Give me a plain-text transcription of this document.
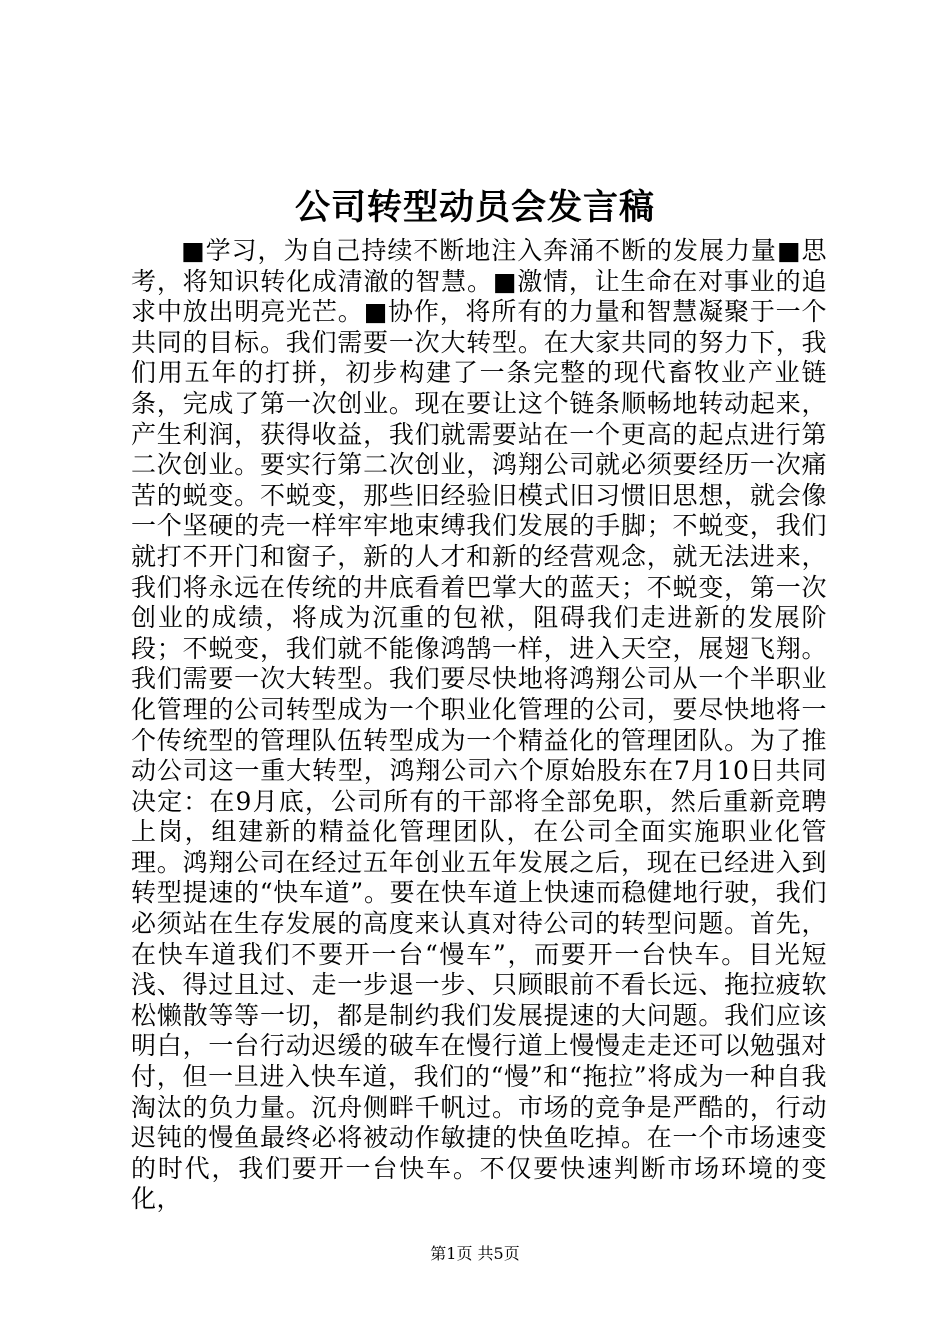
公司转型动员会发言稿

■学习，为自己持续不断地注入奔涌不断的发展力量■思考，将知识转化成清澈的智慧。■激情，让生命在对事业的追求中放出明亮光芒。■协作，将所有的力量和智慧凝聚于一个共同的目标。我们需要一次大转型。在大家共同的努力下，我们用五年的打拼，初步构建了一条完整的现代畜牧业产业链条，完成了第一次创业。现在要让这个链条顺畅地转动起来，产生利润，获得收益，我们就需要站在一个更高的起点进行第二次创业。要实行第二次创业，鸿翔公司就必须要经历一次痛苦的蜕变。不蜕变，那些旧经验旧模式旧习惯旧思想，就会像一个坚硬的壳一样牢牢地束缚我们发展的手脚；不蜕变，我们就打不开门和窗子，新的人才和新的经营观念，就无法进来，我们将永远在传统的井底看着巴掌大的蓝天；不蜕变，第一次创业的成绩，将成为沉重的包袱，阻碍我们走进新的发展阶段；不蜕变，我们就不能像鸿鹄一样，进入天空，展翅飞翔。我们需要一次大转型。我们要尽快地将鸿翔公司从一个半职业化管理的公司转型成为一个职业化管理的公司，要尽快地将一个传统型的管理队伍转型成为一个精益化的管理团队。为了推动公司这一重大转型，鸿翔公司六个原始股东在7月10日共同决定：在9月底，公司所有的干部将全部免职，然后重新竞聘上岗，组建新的精益化管理团队，在公司全面实施职业化管理。鸿翔公司在经过五年创业五年发展之后，现在已经进入到转型提速的“快车道”。要在快车道上快速而稳健地行驶，我们必须站在生存发展的高度来认真对待公司的转型问题。首先，在快车道我们不要开一台“慢车”，而要开一台快车。目光短浅、得过且过、走一步退一步、只顾眼前不看长远、拖拉疲软松懒散等等一切，都是制约我们发展提速的大问题。我们应该明白，一台行动迟缓的破车在慢行道上慢慢走走还可以勉强对付，但一旦进入快车道，我们的“慢”和“拖拉”将成为一种自我淘汰的负力量。沉舟侧畔千帆过。市场的竞争是严酷的，行动迟钝的慢鱼最终必将被动作敏捷的快鱼吃掉。在一个市场速变的时代，我们要开一台快车。不仅要快速判断市场环境的变化，

第1页 共5页
